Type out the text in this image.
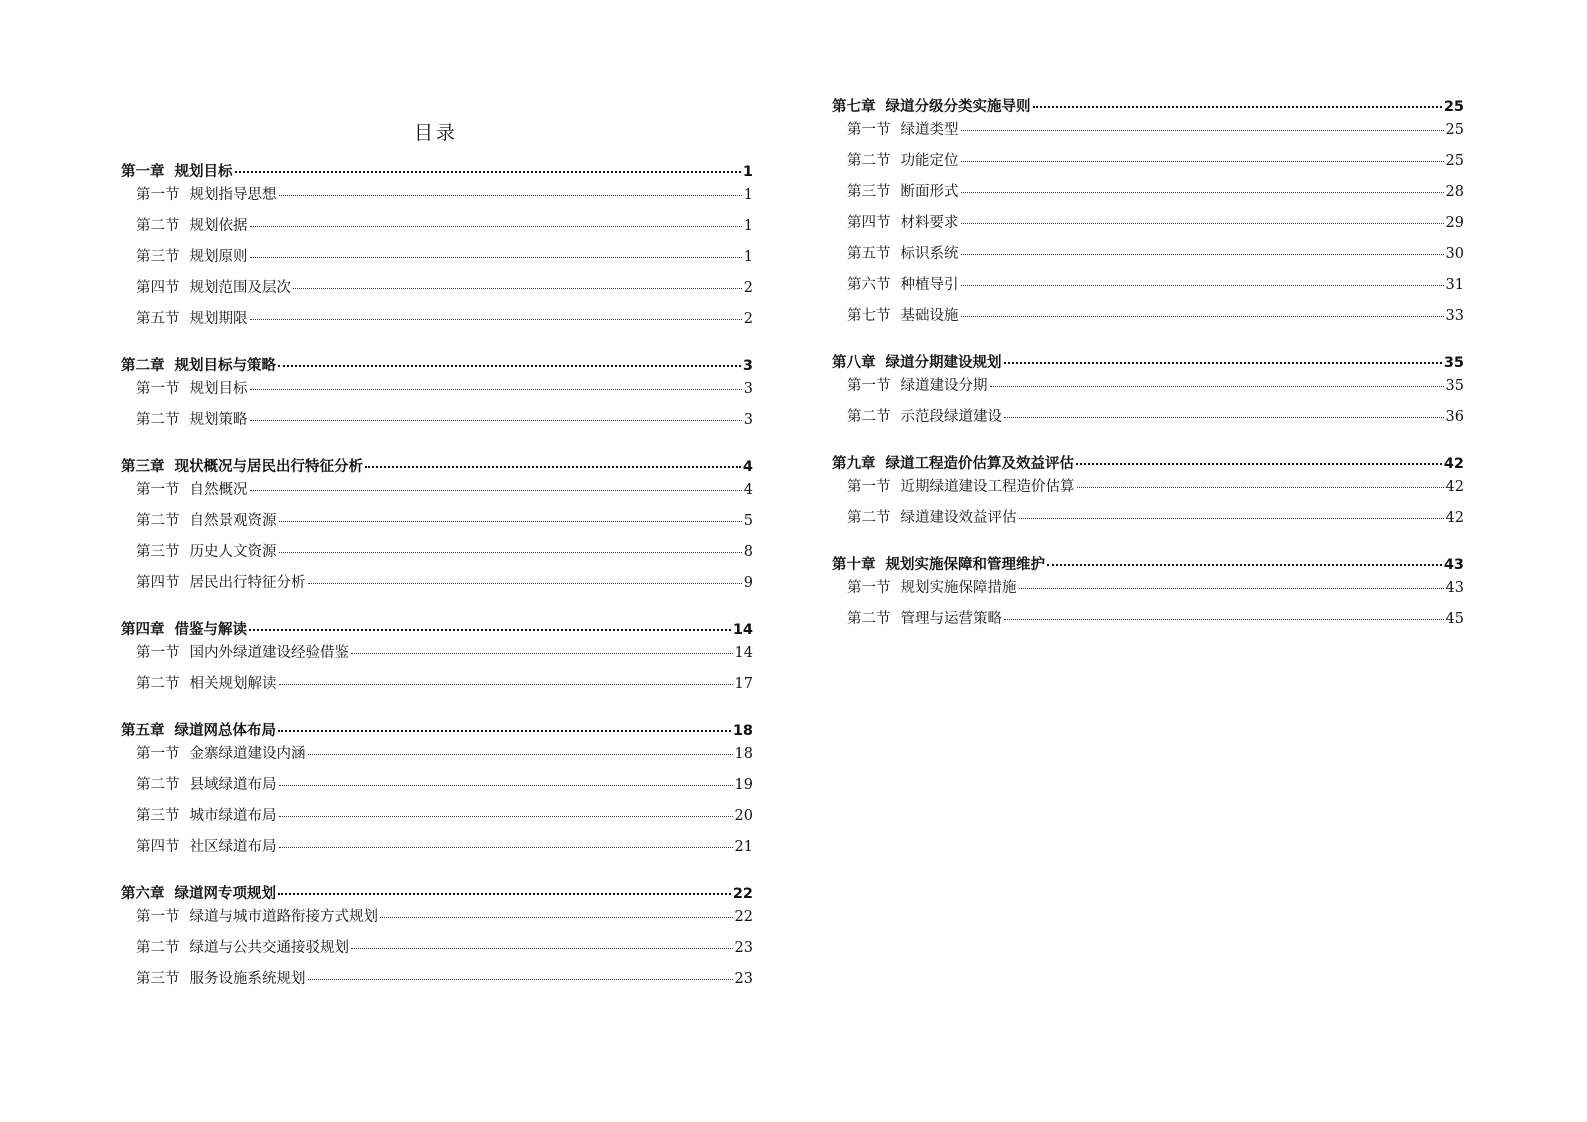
目录
第一章 规划目标	1
第一节 规划指导思想	1
第二节 规划依据	1
第三节 规划原则	1
第四节 规划范围及层次	2
第五节 规划期限	2
第二章 规划目标与策略	3
第一节 规划目标	3
第二节 规划策略	3
第三章 现状概况与居民出行特征分析	4
第一节 自然概况	4
第二节 自然景观资源	5
第三节 历史人文资源	8
第四节 居民出行特征分析	9
第四章 借鉴与解读	14
第一节 国内外绿道建设经验借鉴	14
第二节 相关规划解读	17
第五章 绿道网总体布局	18
第一节 金寨绿道建设内涵	18
第二节 县域绿道布局	19
第三节 城市绿道布局	20
第四节 社区绿道布局	21
第六章 绿道网专项规划	22
第一节 绿道与城市道路衔接方式规划	22
第二节 绿道与公共交通接驳规划	23
第三节 服务设施系统规划	23
第七章 绿道分级分类实施导则	25
第一节 绿道类型	25
第二节 功能定位	25
第三节 断面形式	28
第四节 材料要求	29
第五节 标识系统	30
第六节 种植导引	31
第七节 基础设施	33
第八章 绿道分期建设规划	35
第一节 绿道建设分期	35
第二节 示范段绿道建设	36
第九章 绿道工程造价估算及效益评估	42
第一节 近期绿道建设工程造价估算	42
第二节 绿道建设效益评估	42
第十章 规划实施保障和管理维护	43
第一节 规划实施保障措施	43
第二节 管理与运营策略	45
